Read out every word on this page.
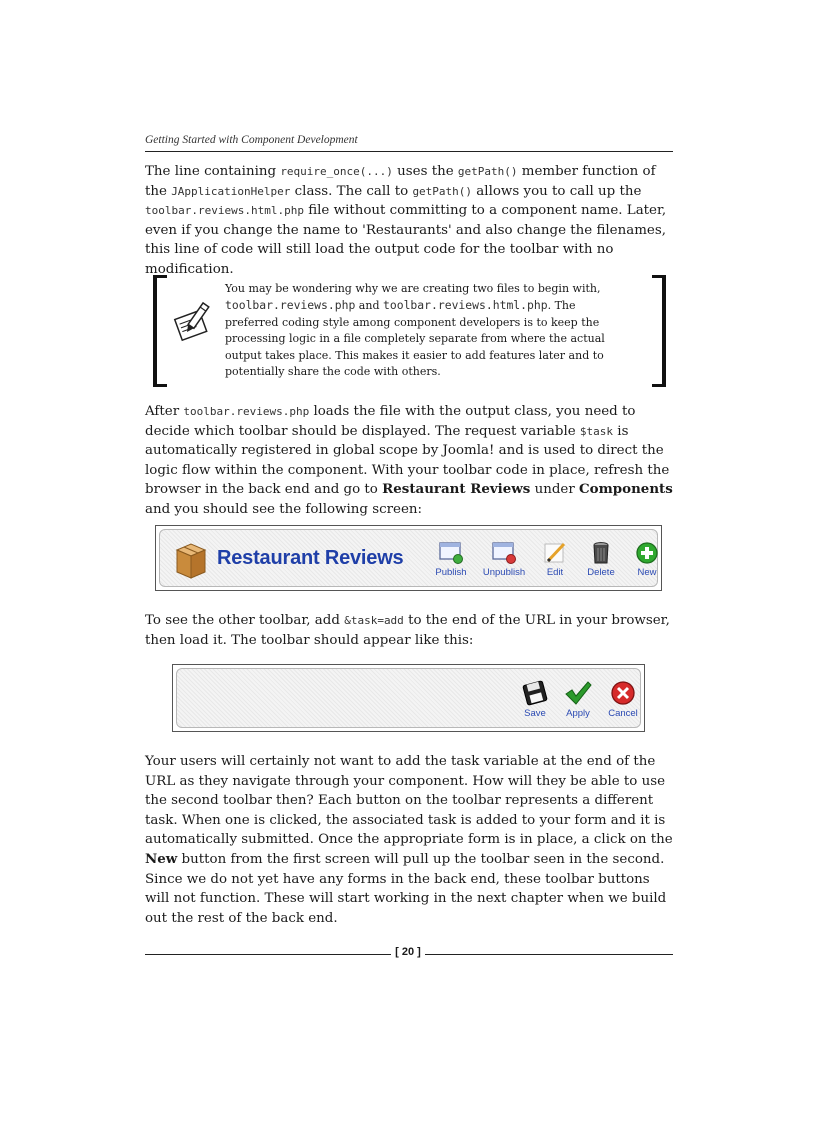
Getting Started with Component Development

The line containing require_once(...) uses the getPath() member function of the JApplicationHelper class. The call to getPath() allows you to call up the toolbar.reviews.html.php file without committing to a component name. Later, even if you change the name to 'Restaurants' and also change the filenames, this line of code will still load the output code for the toolbar with no modification.

You may be wondering why we are creating two files to begin with, toolbar.reviews.php and toolbar.reviews.html.php. The preferred coding style among component developers is to keep the processing logic in a file completely separate from where the actual output takes place. This makes it easier to add features later and to potentially share the code with others.

After toolbar.reviews.php loads the file with the output class, you need to decide which toolbar should be displayed. The request variable $task is automatically registered in global scope by Joomla! and is used to direct the logic flow within the component. With your toolbar code in place, refresh the browser in the back end and go to Restaurant Reviews under Components and you should see the following screen:

Restaurant Reviews
Publish	Unpublish	Edit	Delete	New

To see the other toolbar, add &task=add to the end of the URL in your browser, then load it. The toolbar should appear like this:

Save	Apply	Cancel

Your users will certainly not want to add the task variable at the end of the URL as they navigate through your component. How will they be able to use the second toolbar then? Each button on the toolbar represents a different task. When one is clicked, the associated task is added to your form and it is automatically submitted. Once the appropriate form is in place, a click on the New button from the first screen will pull up the toolbar seen in the second. Since we do not yet have any forms in the back end, these toolbar buttons will not function. These will start working in the next chapter when we build out the rest of the back end.

[ 20 ]
